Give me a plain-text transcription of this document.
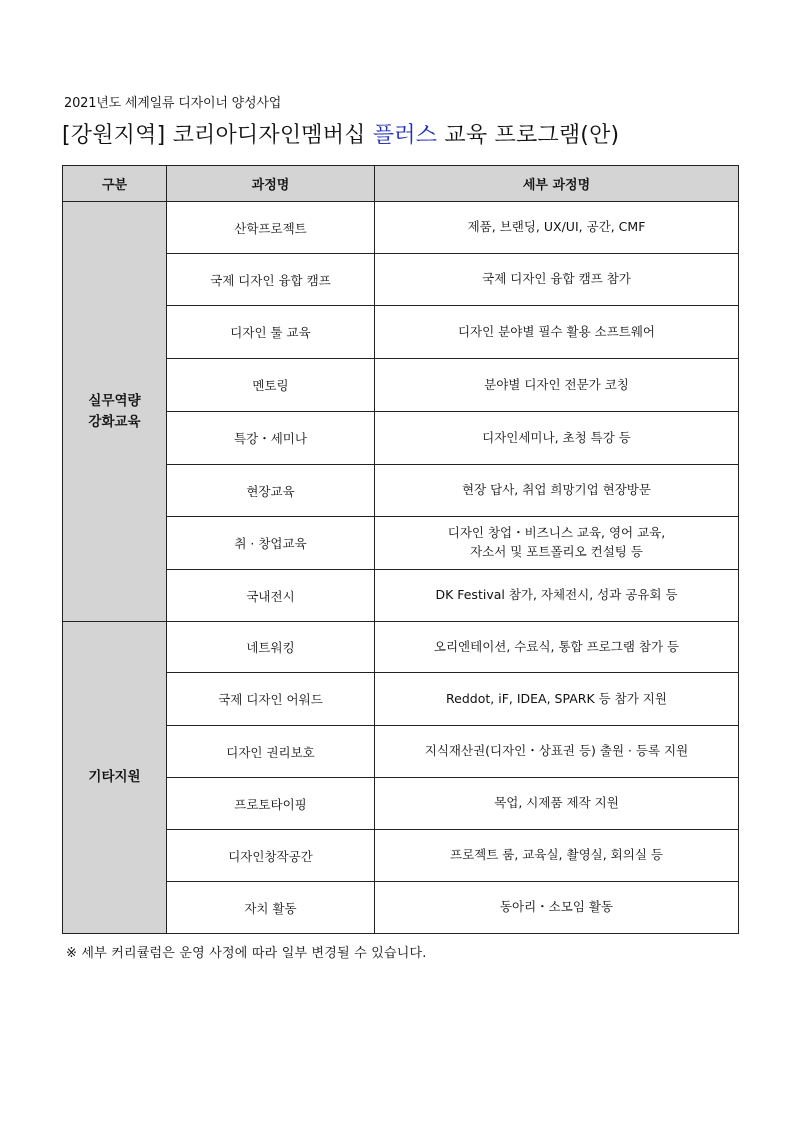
2021년도 세계일류 디자이너 양성사업
[강원지역] 코리아디자인멤버십 플러스 교육 프로그램(안)
구분	과정명	세부 과정명

실무역량
강화교육	산학프로젝트	제품, 브랜딩, UX/UI, 공간, CMF

	국제 디자인 융합 캠프	국제 디자인 융합 캠프 참가

	디자인 툴 교육	디자인 분야별 필수 활용 소프트웨어

	멘토링	분야별 디자인 전문가 코칭

	특강・세미나	디자인세미나, 초청 특강 등

	현장교육	현장 답사, 취업 희망기업 현장방문

	취 · 창업교육	디자인 창업・비즈니스 교육, 영어 교육,
자소서 및 포트폴리오 컨설팅 등

	국내전시	DK Festival 참가, 자체전시, 성과 공유회 등

기타지원	네트워킹	오리엔테이션, 수료식, 통합 프로그램 참가 등

	국제 디자인 어워드	Reddot, iF, IDEA, SPARK 등 참가 지원

	디자인 권리보호	지식재산권(디자인・상표권 등) 출원 · 등록 지원

	프로토타이핑	목업, 시제품 제작 지원

	디자인창작공간	프로젝트 룸, 교육실, 촬영실, 회의실 등

	자치 활동	동아리・소모임 활동
※ 세부 커리큘럼은 운영 사정에 따라 일부 변경될 수 있습니다.
